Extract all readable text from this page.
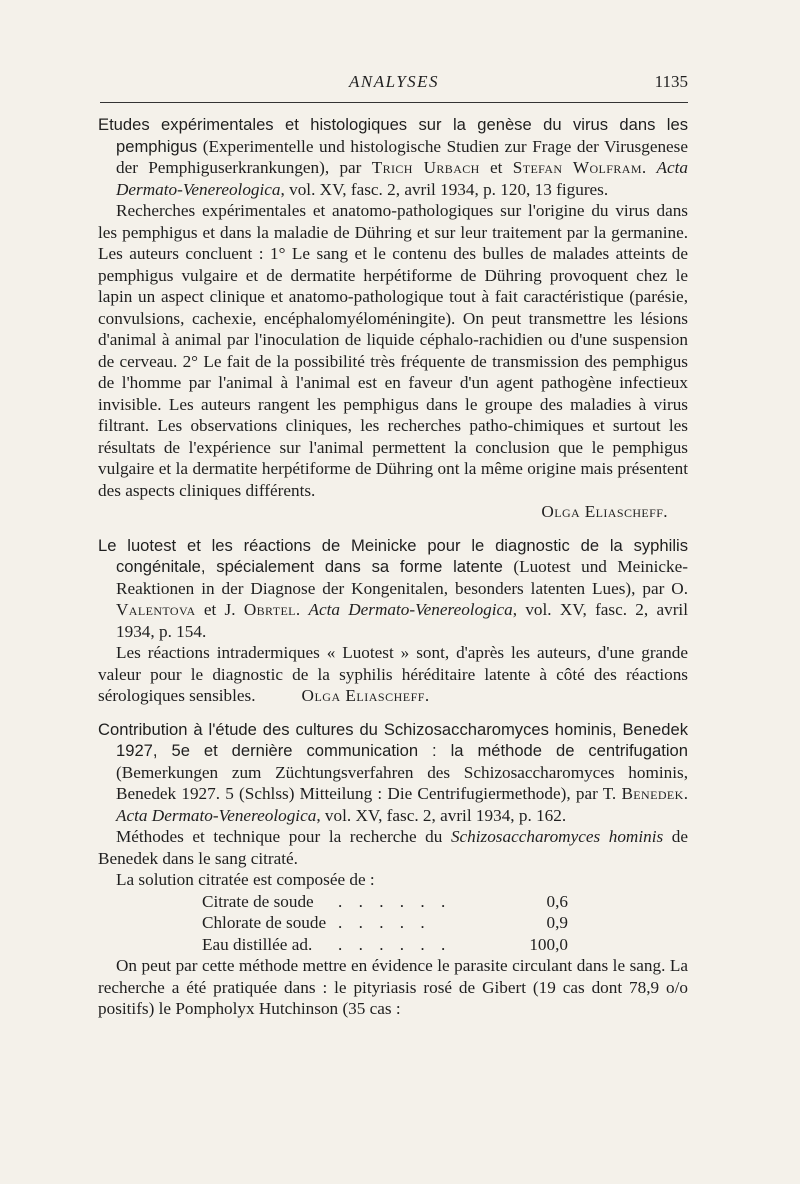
ANALYSES	1135

Etudes expérimentales et histologiques sur la genèse du virus dans les pemphigus (Experimentelle und histologische Studien zur Frage der Virusgenese der Pemphiguserkrankungen), par Trich Urbach et Stefan Wolfram. Acta Dermato-Venereologica, vol. XV, fasc. 2, avril 1934, p. 120, 13 figures.

Recherches expérimentales et anatomo-pathologiques sur l'origine du virus dans les pemphigus et dans la maladie de Dühring et sur leur traitement par la germanine. Les auteurs concluent : 1° Le sang et le contenu des bulles de malades atteints de pemphigus vulgaire et de dermatite herpétiforme de Dühring provoquent chez le lapin un aspect clinique et anatomo-pathologique tout à fait caractéristique (parésie, convulsions, cachexie, encéphalomyéloméningite). On peut transmettre les lésions d'animal à animal par l'inoculation de liquide céphalo-rachidien ou d'une suspension de cerveau. 2° Le fait de la possibilité très fréquente de transmission des pemphigus de l'homme par l'animal à l'animal est en faveur d'un agent pathogène infectieux invisible. Les auteurs rangent les pemphigus dans le groupe des maladies à virus filtrant. Les observations cliniques, les recherches patho-chimiques et surtout les résultats de l'expérience sur l'animal permettent la conclusion que le pemphigus vulgaire et la dermatite herpétiforme de Dühring ont la même origine mais présentent des aspects cliniques différents.

Olga Eliascheff.

Le luotest et les réactions de Meinicke pour le diagnostic de la syphilis congénitale, spécialement dans sa forme latente (Luotest und Meinicke-Reaktionen in der Diagnose der Kongenitalen, besonders latenten Lues), par O. Valentova et J. Obrtel. Acta Dermato-Venereologica, vol. XV, fasc. 2, avril 1934, p. 154.

Les réactions intradermiques « Luotest » sont, d'après les auteurs, d'une grande valeur pour le diagnostic de la syphilis héréditaire latente à côté des réactions sérologiques sensibles.	Olga Eliascheff.

Contribution à l'étude des cultures du Schizosaccharomyces hominis, Benedek 1927, 5e et dernière communication : la méthode de centrifugation (Bemerkungen zum Züchtungsverfahren des Schizosaccharomyces hominis, Benedek 1927. 5 (Schlss) Mitteilung : Die Centrifugiermethode), par T. Benedek. Acta Dermato-Venereologica, vol. XV, fasc. 2, avril 1934, p. 162.

Méthodes et technique pour la recherche du Schizosaccharomyces hominis de Benedek dans le sang citraté.

La solution citratée est composée de :

Citrate de soude	. . . . . .	0,6
Chlorate de soude	. . . . .	0,9
Eau distillée ad.	. . . . . .	100,0

On peut par cette méthode mettre en évidence le parasite circulant dans le sang. La recherche a été pratiquée dans : le pityriasis rosé de Gibert (19 cas dont 78,9 o/o positifs) le Pompholyx Hutchinson (35 cas :
